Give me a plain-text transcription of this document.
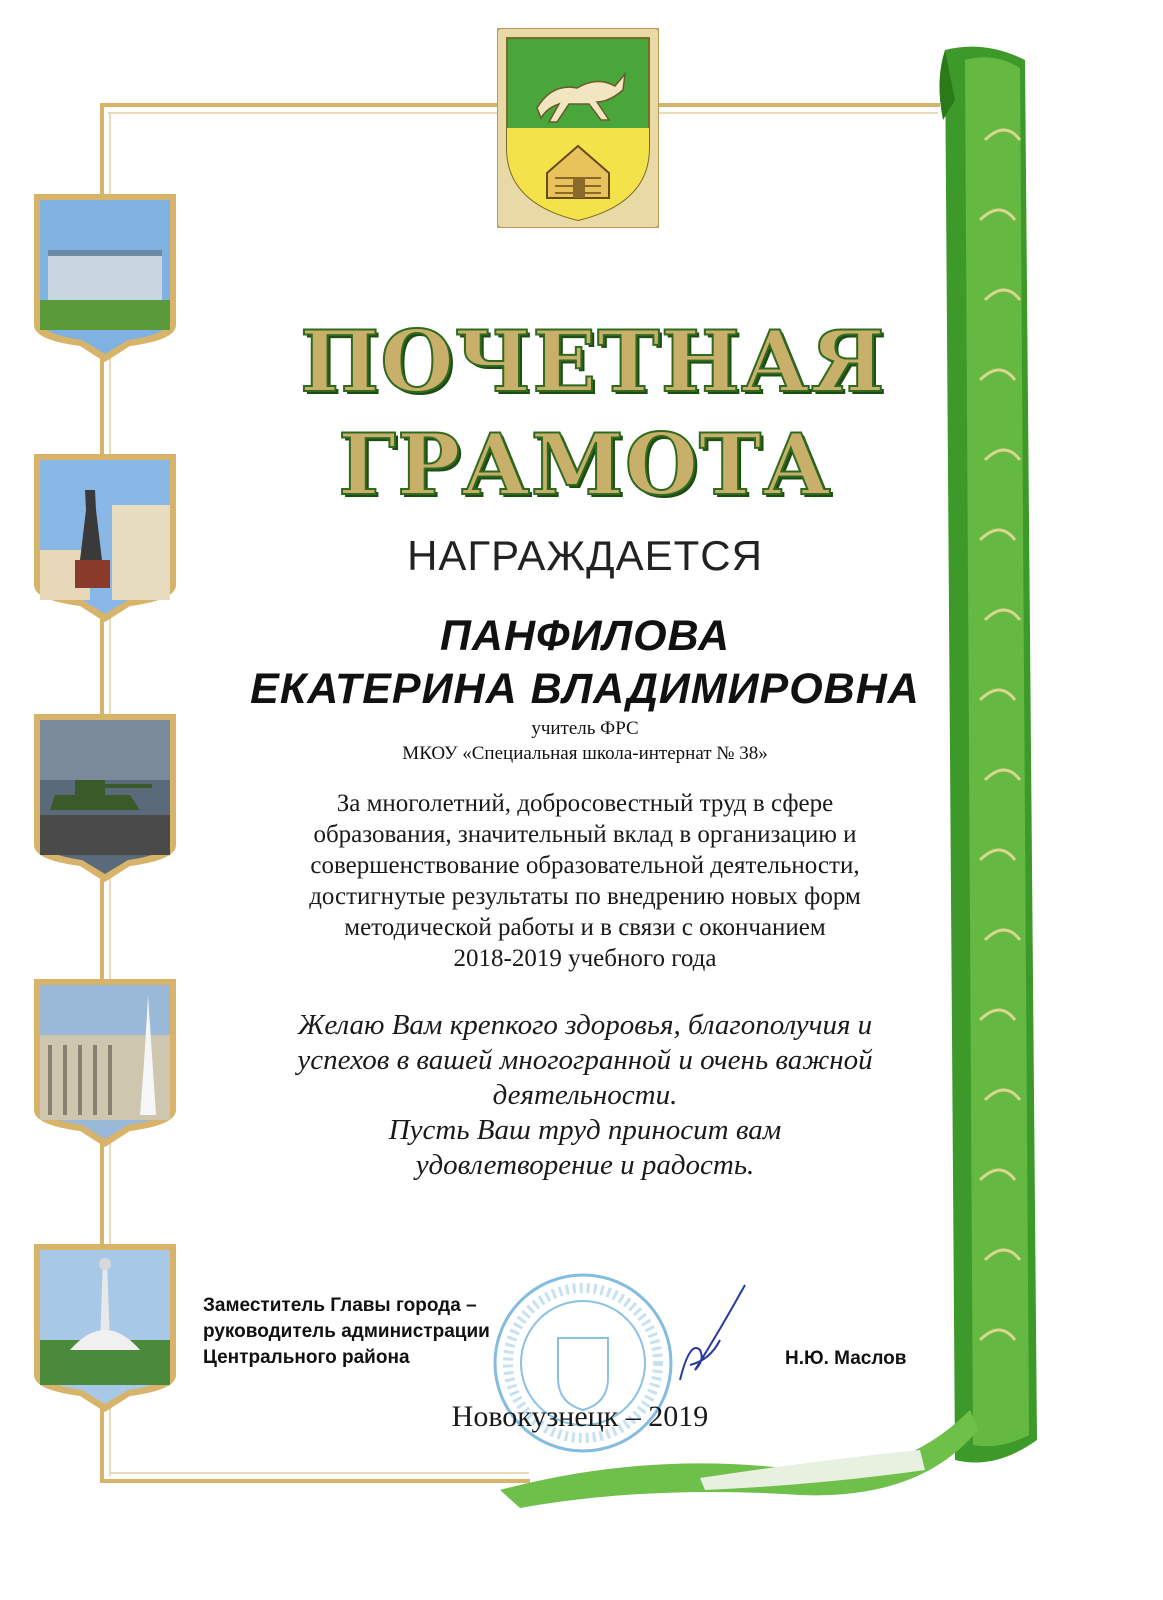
ПОЧЕТНАЯ
ГРАМОТА
НАГРАЖДАЕТСЯ
ПАНФИЛОВА
ЕКАТЕРИНА ВЛАДИМИРОВНА
учитель ФРС
МКОУ «Специальная школа-интернат № 38»
За многолетний, добросовестный труд в сфере
образования, значительный вклад в организацию и
совершенствование образовательной деятельности,
достигнутые результаты по внедрению новых форм
методической работы и в связи с окончанием
2018-2019 учебного года
Желаю Вам крепкого здоровья, благополучия и
успехов в вашей многогранной и очень важной
деятельности.
Пусть Ваш труд приносит вам
удовлетворение и радость.
Заместитель Главы города –
руководитель администрации
Центрального района	Н.Ю. Маслов
Новокузнецк – 2019
